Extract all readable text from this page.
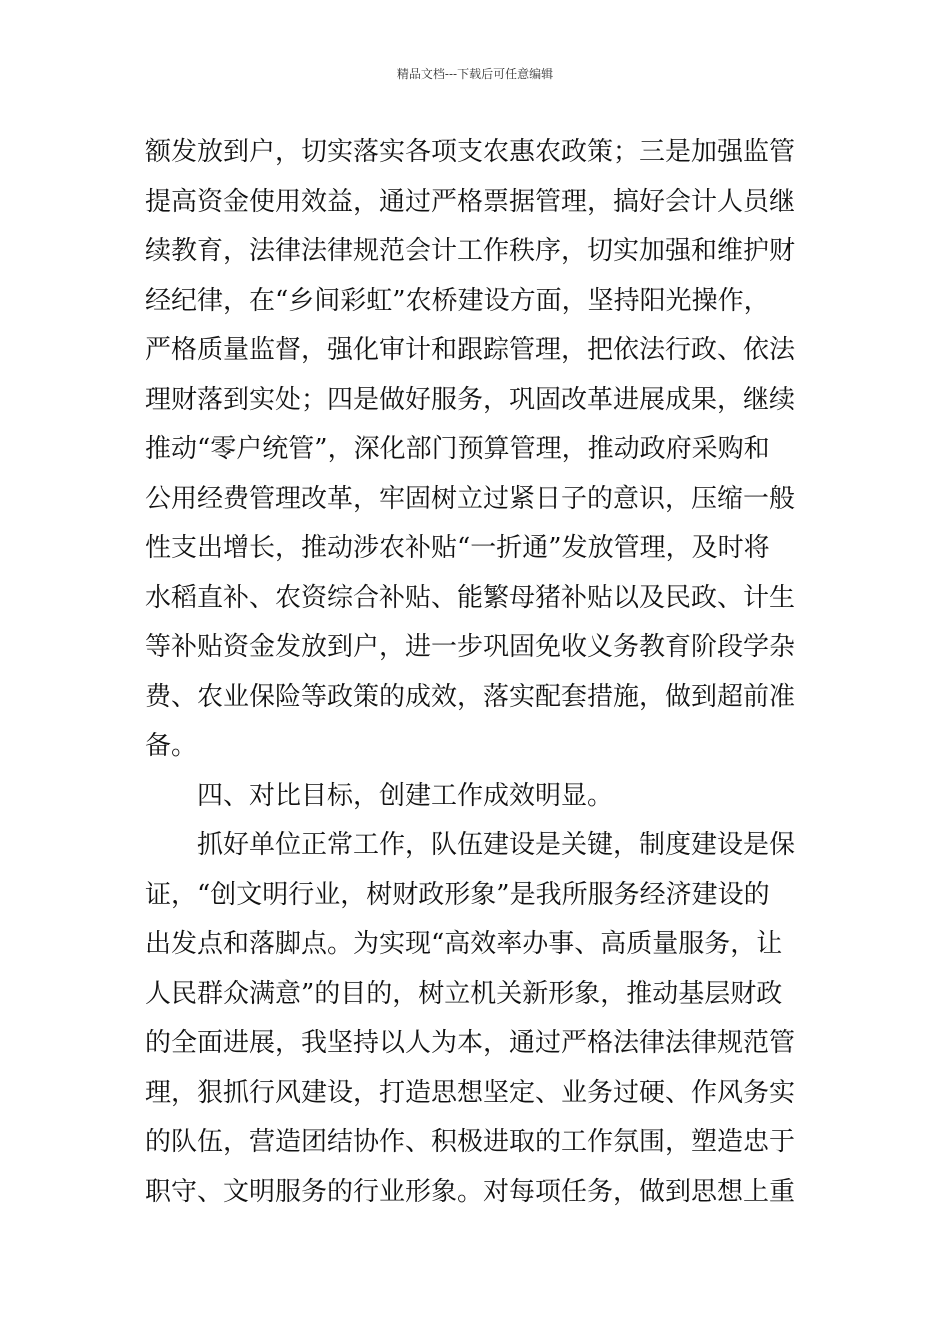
精品文档---下载后可任意编辑
额发放到户，切实落实各项支农惠农政策；三是加强监管
提高资金使用效益，通过严格票据管理，搞好会计人员继
续教育，法律法律规范会计工作秩序，切实加强和维护财
经纪律，在“乡间彩虹”农桥建设方面，坚持阳光操作，
严格质量监督，强化审计和跟踪管理，把依法行政、依法
理财落到实处；四是做好服务，巩固改革进展成果，继续
推动“零户统管”，深化部门预算管理，推动政府采购和
公用经费管理改革，牢固树立过紧日子的意识，压缩一般
性支出增长，推动涉农补贴“一折通”发放管理，及时将
水稻直补、农资综合补贴、能繁母猪补贴以及民政、计生
等补贴资金发放到户，进一步巩固免收义务教育阶段学杂
费、农业保险等政策的成效，落实配套措施，做到超前准
备。
　　四、对比目标，创建工作成效明显。
　　抓好单位正常工作，队伍建设是关键，制度建设是保
证，“创文明行业，树财政形象”是我所服务经济建设的
出发点和落脚点。为实现“高效率办事、高质量服务，让
人民群众满意”的目的，树立机关新形象，推动基层财政
的全面进展，我坚持以人为本，通过严格法律法律规范管
理，狠抓行风建设，打造思想坚定、业务过硬、作风务实
的队伍，营造团结协作、积极进取的工作氛围，塑造忠于
职守、文明服务的行业形象。对每项任务，做到思想上重
